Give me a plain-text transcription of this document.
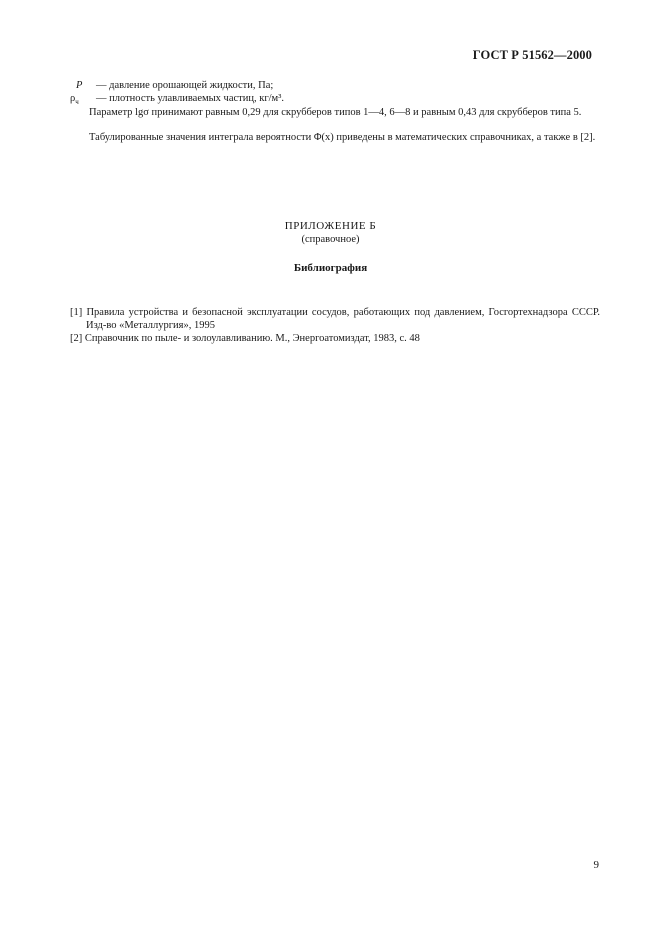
ГОСТ Р 51562—2000
P	—
давление орошающей жидкости, Па;
$\rho_ч$	—
плотность улавливаемых частиц, кг/м³.

Параметр lgσ принимают равным 0,29 для скрубберов типов 1—4, 6—8 и равным 0,43 для скрубберов типа 5.

Табулированные значения интеграла вероятности Φ(x) приведены в математических справочниках, а также в [2].

ПРИЛОЖЕНИЕ Б
(справочное)
Библиография
[1] Правила устройства и безопасной эксплуатации сосудов, работающих под давлением, Госгортехнадзора СССР. Изд-во «Металлургия», 1995
[2] Справочник по пыле- и золоулавливанию. М., Энергоатомиздат, 1983, с. 48
9
